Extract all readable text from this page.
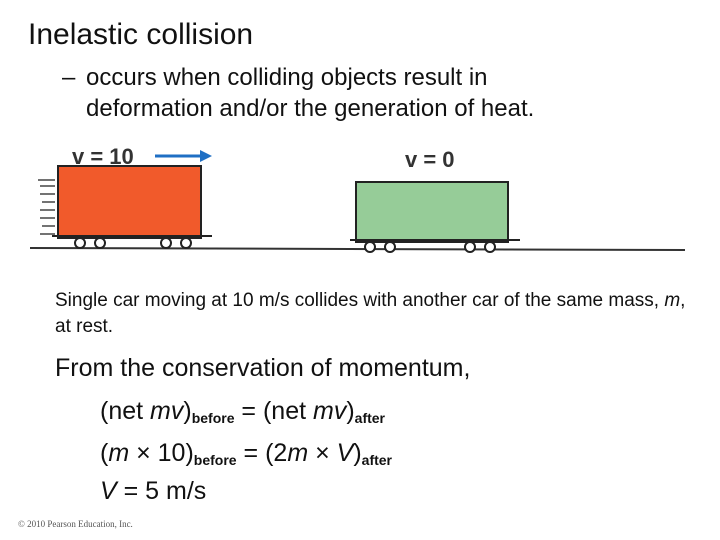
Inelastic collision
– occurs when colliding objects result in
deformation and/or the generation of heat.
v = 10	v = 0
Single car moving at 10 m/s collides with another car of the same mass, m, at rest.
From the conservation of momentum,
(net $mv)_{before} = (net$ $mv)_{after}$
$(m \times 10)_{before} = (2m \times V)_{after}$
V = 5 m/s
© 2010 Pearson Education, Inc.
